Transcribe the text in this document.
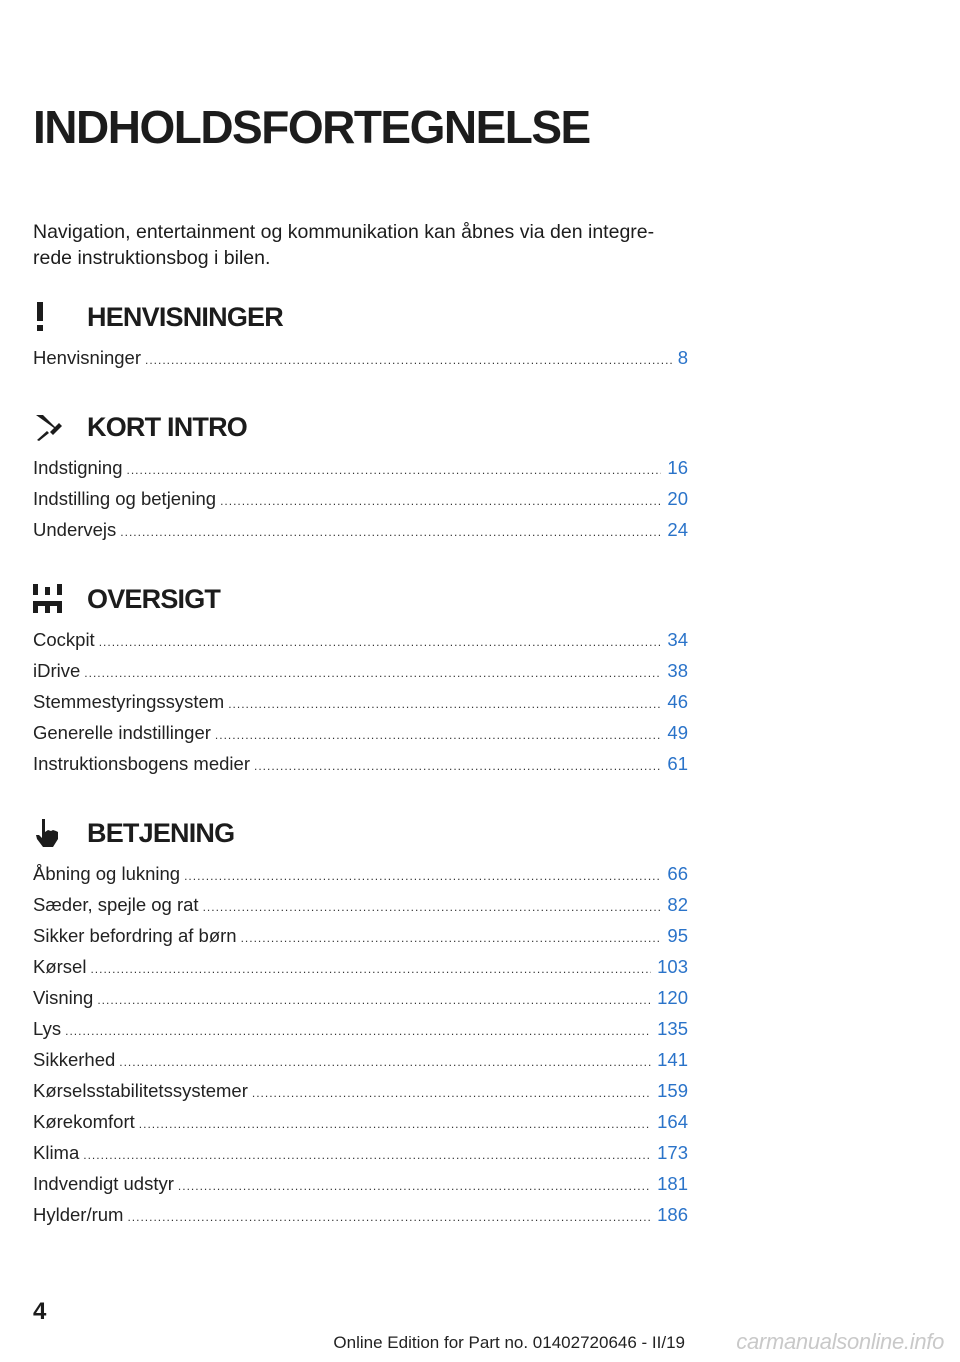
INDHOLDSFORTEGNELSE

Navigation, entertainment og kommunikation kan åbnes via den integre-rede instruktionsbog i bilen.

HENVISNINGER
Henvisninger .....	8
KORT INTRO
Indstigning .....	16
Indstilling og betjening .....	20
Undervejs .....	24
OVERSIGT
Cockpit .....	34
iDrive .....	38
Stemmestyringssystem .....	46
Generelle indstillinger .....	49
Instruktionsbogens medier .....	61
BETJENING
Åbning og lukning .....	66
Sæder, spejle og rat .....	82
Sikker befordring af børn .....	95
Kørsel .....	103
Visning .....	120
Lys .....	135
Sikkerhed .....	141
Kørselsstabilitetssystemer .....	159
Kørekomfort .....	164
Klima .....	173
Indvendigt udstyr .....	181
Hylder/rum .....	186
4
Online Edition for Part no. 01402720646 - II/19 carmanualsonline.info
